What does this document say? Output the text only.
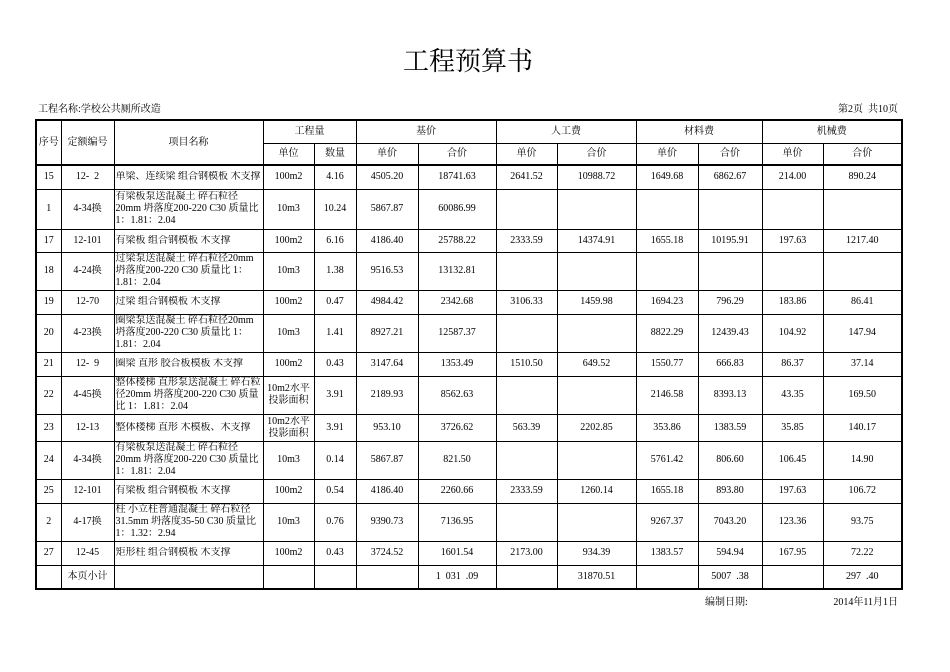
工程预算书
工程名称:学校公共厕所改造	第2页  共10页
序号	定额编号	项目名称	工程量		基价		人工费		材料费		机械费	
			单位	数量	单价	合价	单价	合价	单价	合价	单价	合价

15	12-  2	单梁、连续梁 组合钢模板 木支撑	100m2	4.16	4505.20	18741.63	2641.52	10988.72	1649.68	6862.67	214.00	890.24

1	4-34换	有梁板泵送混凝土 碎石粒径20mm 坍落度200-220 C30 质量比 1：1.81：2.04	10m3	10.24	5867.87	60086.99						

17	12-101	有梁板 组合钢模板 木支撑	100m2	6.16	4186.40	25788.22	2333.59	14374.91	1655.18	10195.91	197.63	1217.40

18	4-24换	过梁泵送混凝土 碎石粒径20mm 坍落度200-220 C30 质量比 1：1.81：2.04	10m3	1.38	9516.53	13132.81						

19	12-70	过梁 组合钢模板 木支撑	100m2	0.47	4984.42	2342.68	3106.33	1459.98	1694.23	796.29	183.86	86.41

20	4-23换	圈梁泵送混凝土 碎石粒径20mm 坍落度200-220 C30 质量比 1：1.81：2.04	10m3	1.41	8927.21	12587.37			8822.29	12439.43	104.92	147.94

21	12-  9	圈梁 直形 胶合板模板 木支撑	100m2	0.43	3147.64	1353.49	1510.50	649.52	1550.77	666.83	86.37	37.14

22	4-45换	整体楼梯 直形泵送混凝土 碎石粒径20mm 坍落度200-220 C30 质量比 1：1.81：2.04	10m2水平投影面积	3.91	2189.93	8562.63			2146.58	8393.13	43.35	169.50

23	12-13	整体楼梯 直形 木模板、木支撑	10m2水平投影面积	3.91	953.10	3726.62	563.39	2202.85	353.86	1383.59	35.85	140.17

24	4-34换	有梁板泵送混凝土 碎石粒径20mm 坍落度200-220 C30 质量比 1：1.81：2.04	10m3	0.14	5867.87	821.50			5761.42	806.60	106.45	14.90

25	12-101	有梁板 组合钢模板 木支撑	100m2	0.54	4186.40	2260.66	2333.59	1260.14	1655.18	893.80	197.63	106.72

2	4-17换	柱 小立柱普通混凝土 碎石粒径31.5mm 坍落度35-50 C30 质量比 1：1.32：2.94	10m3	0.76	9390.73	7136.95			9267.37	7043.20	123.36	93.75

27	12-45	矩形柱 组合钢模板 木支撑	100m2	0.43	3724.52	1601.54	2173.00	934.39	1383.57	594.94	167.95	72.22

	本页小计					1  031  .09		31870.51		5007  .38		297  .40
编制日期:	2014年11月1日
